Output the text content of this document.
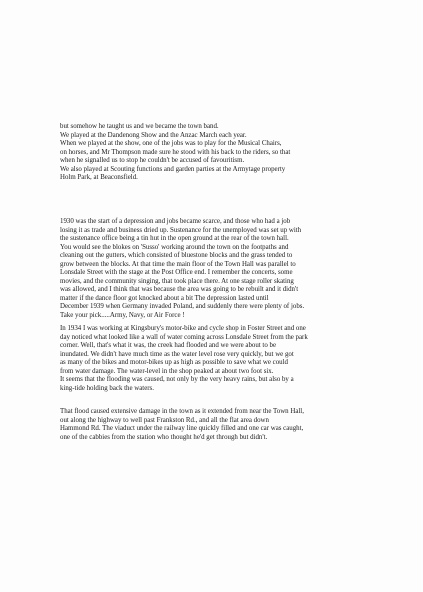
but somehow he taught us and we became the town band.
We played at the Dandenong Show and the Anzac March each year.
When we played at the show, one of the jobs was to play for the Musical Chairs,
on horses, and Mr Thompson made sure he stood with his back to the riders, so that
when he signalled us to stop he couldn't be accused of favouritism.
We also played at Scouting functions and garden parties at the Armytage property
Holm Park, at Beaconsfield.
1930 was the start of a depression and jobs became scarce, and those who had a job
losing it as trade and business dried up. Sustenance for the unemployed was set up with
the sustenance office being a tin hut in the open ground at the rear of the town hall.
You would see the blokes on 'Susso' working around the town on the footpaths and
cleaning out the gutters, which consisted of bluestone blocks and the grass tended to
grow between the blocks. At that time the main floor of the Town Hall was parallel to
Lonsdale Street with the stage at the Post Office end. I remember the concerts, some
movies, and the community singing, that took place there. At one stage roller skating
was allowed, and I think that was because the area was going to be rebuilt and it didn't
matter if the dance floor got knocked about a bit The depression lasted until
December 1939 when Germany invaded Poland, and suddenly there were plenty of jobs.
Take your pick.....Army, Navy, or Air Force !
In 1934 I was working at Kingsbury's motor-bike and cycle shop in Foster Street and one
day noticed what looked like a wall of water coming across Lonsdale Street from the park
corner. Well, that's what it was, the creek had flooded and we were about to be
inundated. We didn't have much time as the water level rose very quickly, but we got
as many of the bikes and motor-bikes up as high as possible to save what we could
from water damage. The water-level in the shop peaked at about two foot six.
It seems that the flooding was caused, not only by the very heavy rains, but also by a
king-tide holding back the waters.
That flood caused extensive damage in the town as it extended from near the Town Hall,
out along the highway to well past Frankston Rd., and all the flat area down
Hammond Rd. The viaduct under the railway line quickly filled and one car was caught,
one of the cabbies from the station who thought he'd get through but didn't.
